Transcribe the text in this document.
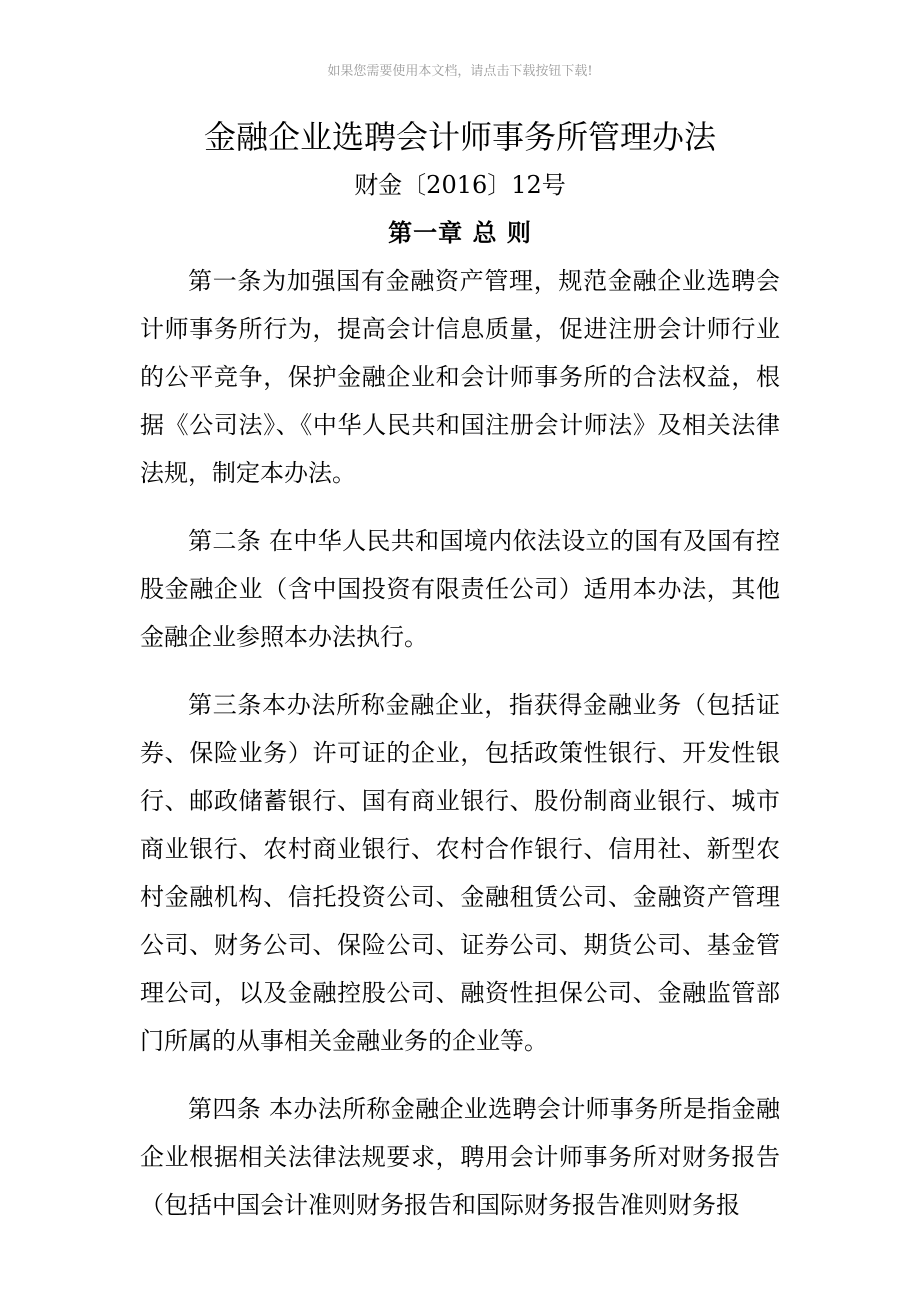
如果您需要使用本文档，请点击下载按钮下载!
金融企业选聘会计师事务所管理办法
财金〔2016〕12号
第一章 总 则

第一条为加强国有金融资产管理，规范金融企业选聘会计师事务所行为，提高会计信息质量，促进注册会计师行业的公平竞争，保护金融企业和会计师事务所的合法权益，根据《公司法》、《中华人民共和国注册会计师法》及相关法律法规，制定本办法。

第二条 在中华人民共和国境内依法设立的国有及国有控股金融企业（含中国投资有限责任公司）适用本办法，其他金融企业参照本办法执行。

第三条本办法所称金融企业，指获得金融业务（包括证券、保险业务）许可证的企业，包括政策性银行、开发性银行、邮政储蓄银行、国有商业银行、股份制商业银行、城市商业银行、农村商业银行、农村合作银行、信用社、新型农村金融机构、信托投资公司、金融租赁公司、金融资产管理公司、财务公司、保险公司、证券公司、期货公司、基金管理公司，以及金融控股公司、融资性担保公司、金融监管部门所属的从事相关金融业务的企业等。

第四条 本办法所称金融企业选聘会计师事务所是指金融企业根据相关法律法规要求，聘用会计师事务所对财务报告（包括中国会计准则财务报告和国际财务报告准则财务报
